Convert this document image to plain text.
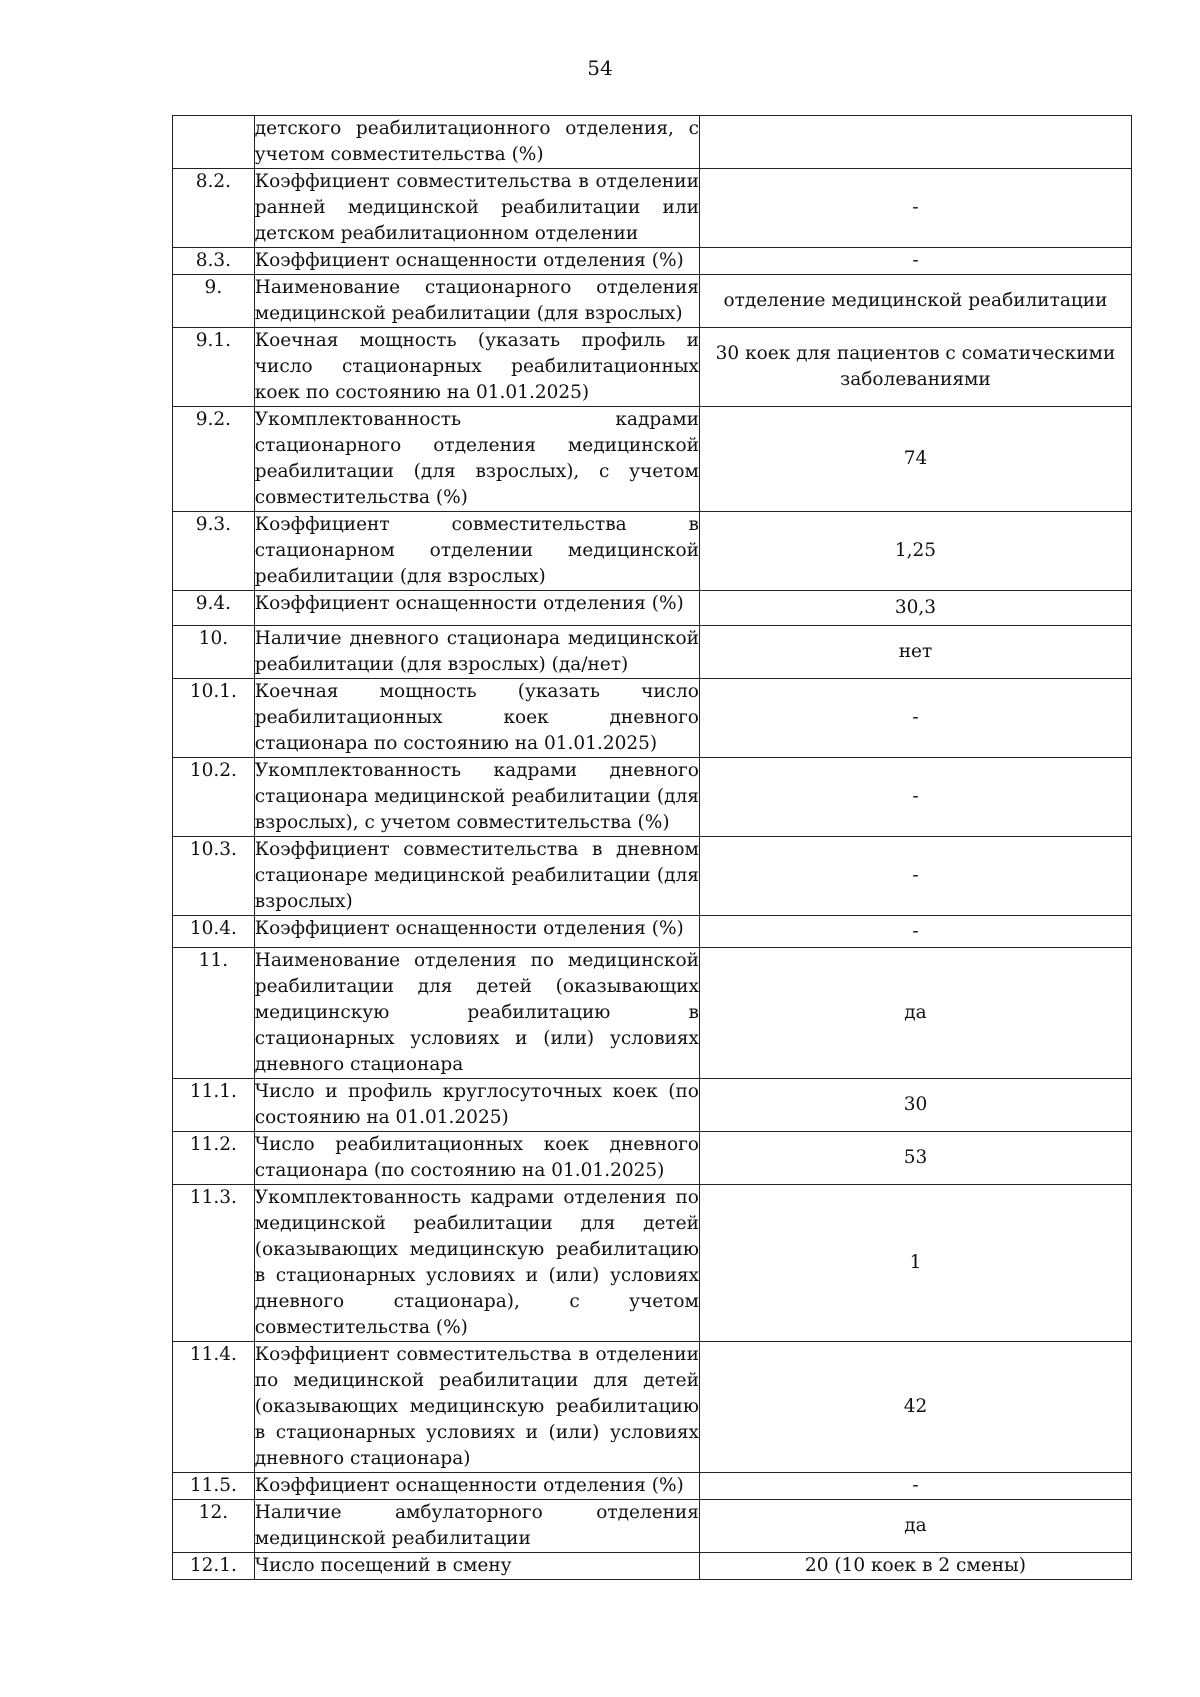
54
	детского реабилитационного отделения, с учетом совместительства (%)	
8.2.	Коэффициент совместительства в отделении ранней медицинской реабилитации или детском реабилитационном отделении	-
8.3.	Коэффициент оснащенности отделения (%)	-
9.	Наименование стационарного отделения медицинской реабилитации (для взрослых)	отделение медицинской реабилитации
9.1.	Коечная мощность (указать профиль и число стационарных реабилитационных коек по состоянию на 01.01.2025)	30 коек для пациентов с соматическими заболеваниями
9.2.	Укомплектованность кадрами стационарного отделения медицинской реабилитации (для взрослых), с учетом совместительства (%)	74
9.3.	Коэффициент совместительства в стационарном отделении медицинской реабилитации (для взрослых)	1,25
9.4.	Коэффициент оснащенности отделения (%)	30,3
10.	Наличие дневного стационара медицинской реабилитации (для взрослых) (да/нет)	нет
10.1.	Коечная мощность (указать число реабилитационных коек дневного стационара по состоянию на 01.01.2025)	-
10.2.	Укомплектованность кадрами дневного стационара медицинской реабилитации (для взрослых), с учетом совместительства (%)	-
10.3.	Коэффициент совместительства в дневном стационаре медицинской реабилитации (для взрослых)	-
10.4.	Коэффициент оснащенности отделения (%)	-
11.	Наименование отделения по медицинской реабилитации для детей (оказывающих медицинскую реабилитацию в стационарных условиях и (или) условиях дневного стационара	да
11.1.	Число и профиль круглосуточных коек (по состоянию на 01.01.2025)	30
11.2.	Число реабилитационных коек дневного стационара (по состоянию на 01.01.2025)	53
11.3.	Укомплектованность кадрами отделения по медицинской реабилитации для детей (оказывающих медицинскую реабилитацию в стационарных условиях и (или) условиях дневного стационара), с учетом совместительства (%)	1
11.4.	Коэффициент совместительства в отделении по медицинской реабилитации для детей (оказывающих медицинскую реабилитацию в стационарных условиях и (или) условиях дневного стационара)	42
11.5.	Коэффициент оснащенности отделения (%)	-
12.	Наличие амбулаторного отделения медицинской реабилитации	да
12.1.	Число посещений в смену	20 (10 коек в 2 смены)
